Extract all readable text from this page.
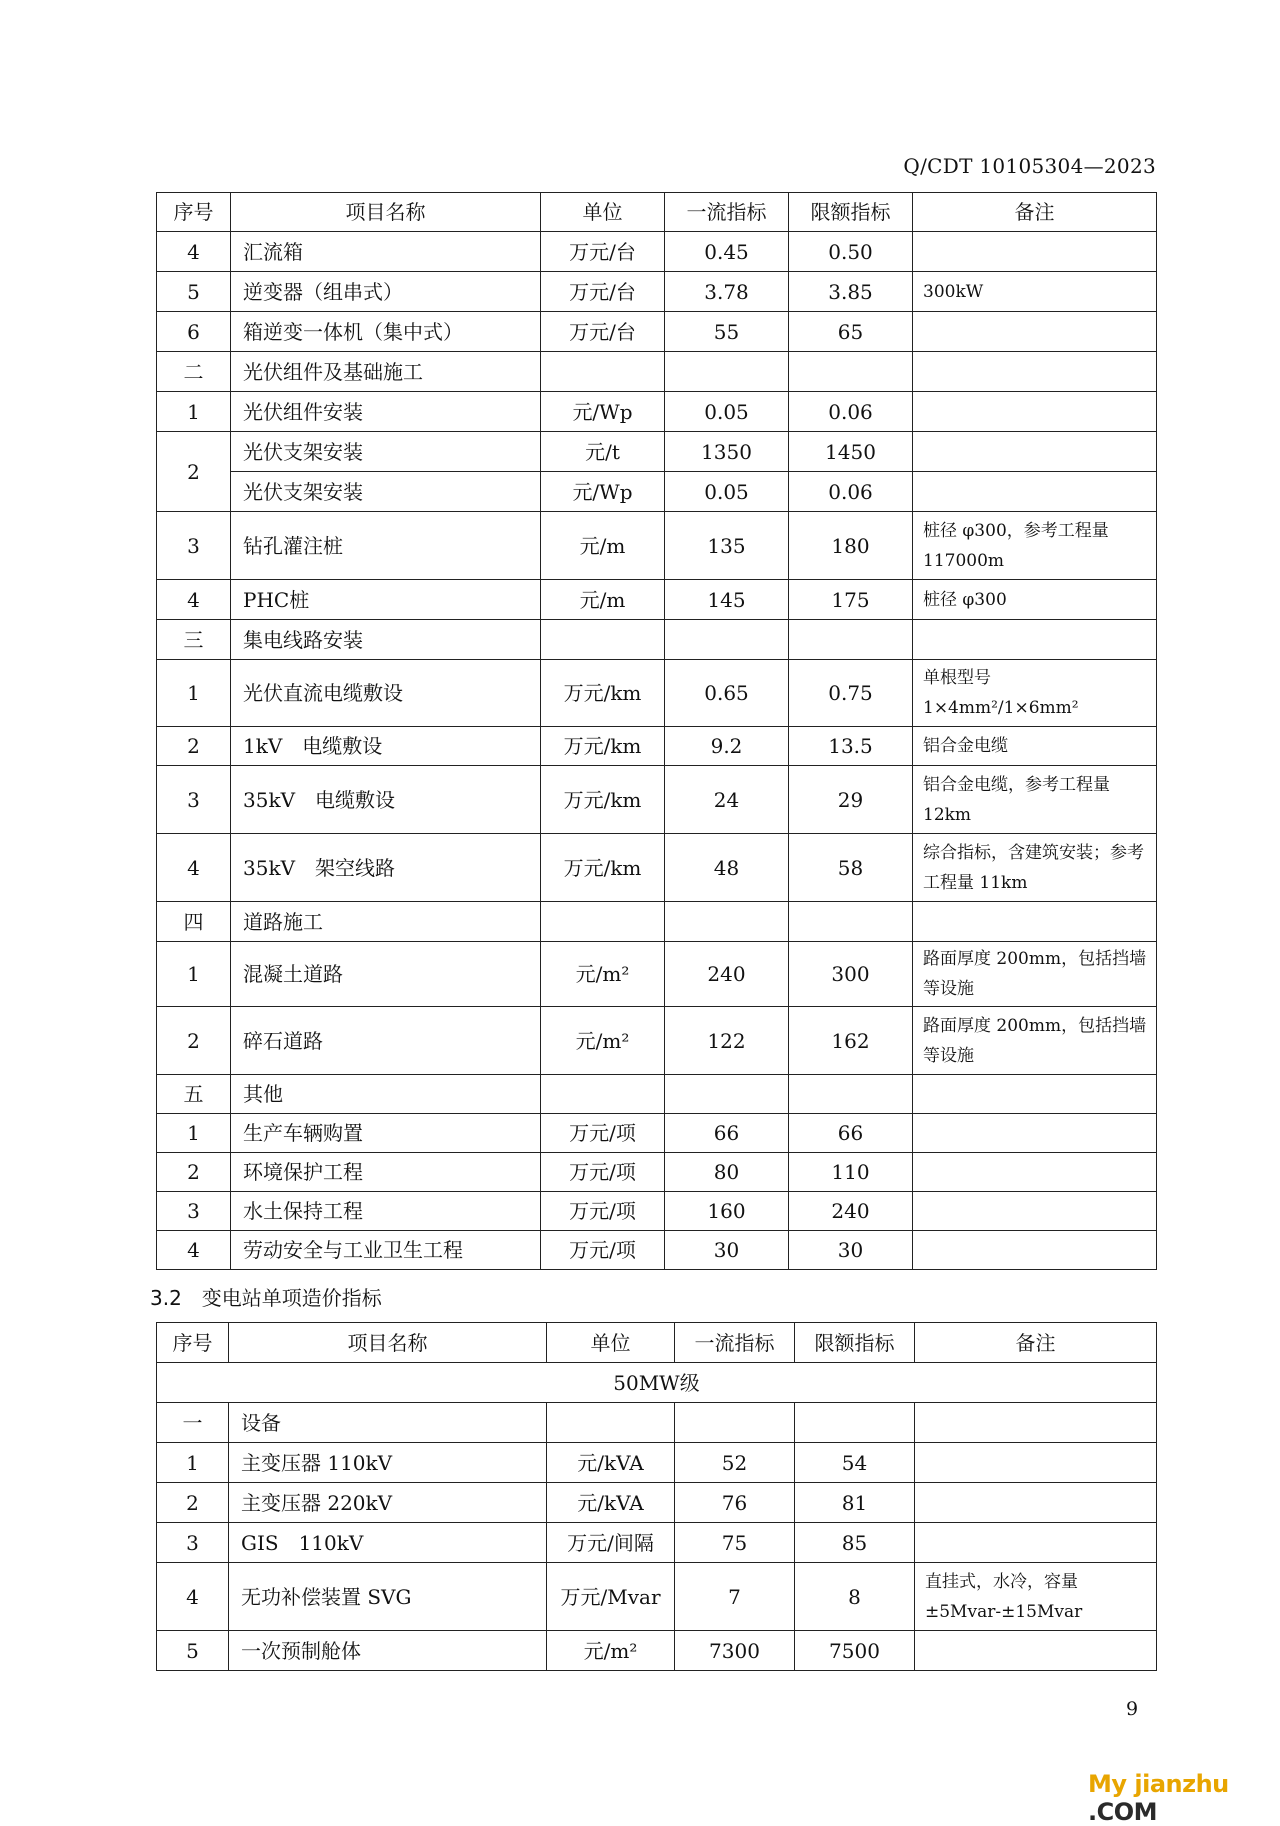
Q/CDT 10105304—2023
序号	项目名称	单位	一流指标	限额指标	备注
4	汇流箱	万元/台	0.45	0.50	
5	逆变器（组串式）	万元/台	3.78	3.85	300kW
6	箱逆变一体机（集中式）	万元/台	55	65	
二	光伏组件及基础施工				
1	光伏组件安装	元/Wp	0.05	0.06	
2	光伏支架安装	元/t	1350	1450	
	光伏支架安装	元/Wp	0.05	0.06	
3	钻孔灌注桩	元/m	135	180	桩径 φ300，参考工程量117000m
4	PHC桩	元/m	145	175	桩径 φ300
三	集电线路安装				
1	光伏直流电缆敷设	万元/km	0.65	0.75	单根型号 1×4mm²/1×6mm²
2	1kV　电缆敷设	万元/km	9.2	13.5	铝合金电缆
3	35kV　电缆敷设	万元/km	24	29	铝合金电缆，参考工程量12km
4	35kV　架空线路	万元/km	48	58	综合指标，含建筑安装；参考工程量 11km
四	道路施工				
1	混凝土道路	元/m²	240	300	路面厚度 200mm，包括挡墙等设施
2	碎石道路	元/m²	122	162	路面厚度 200mm，包括挡墙等设施
五	其他				
1	生产车辆购置	万元/项	66	66	
2	环境保护工程	万元/项	80	110	
3	水土保持工程	万元/项	160	240	
4	劳动安全与工业卫生工程	万元/项	30	30	
3.2　变电站单项造价指标
序号	项目名称	单位	一流指标	限额指标	备注
50MW级					
一	设备				
1	主变压器 110kV	元/kVA	52	54	
2	主变压器 220kV	元/kVA	76	81	
3	GIS　110kV	万元/间隔	75	85	
4	无功补偿装置 SVG	万元/Mvar	7	8	直挂式，水冷，容量±5Mvar-±15Mvar
5	一次预制舱体	元/m²	7300	7500	
9
My jianzhu .COM
